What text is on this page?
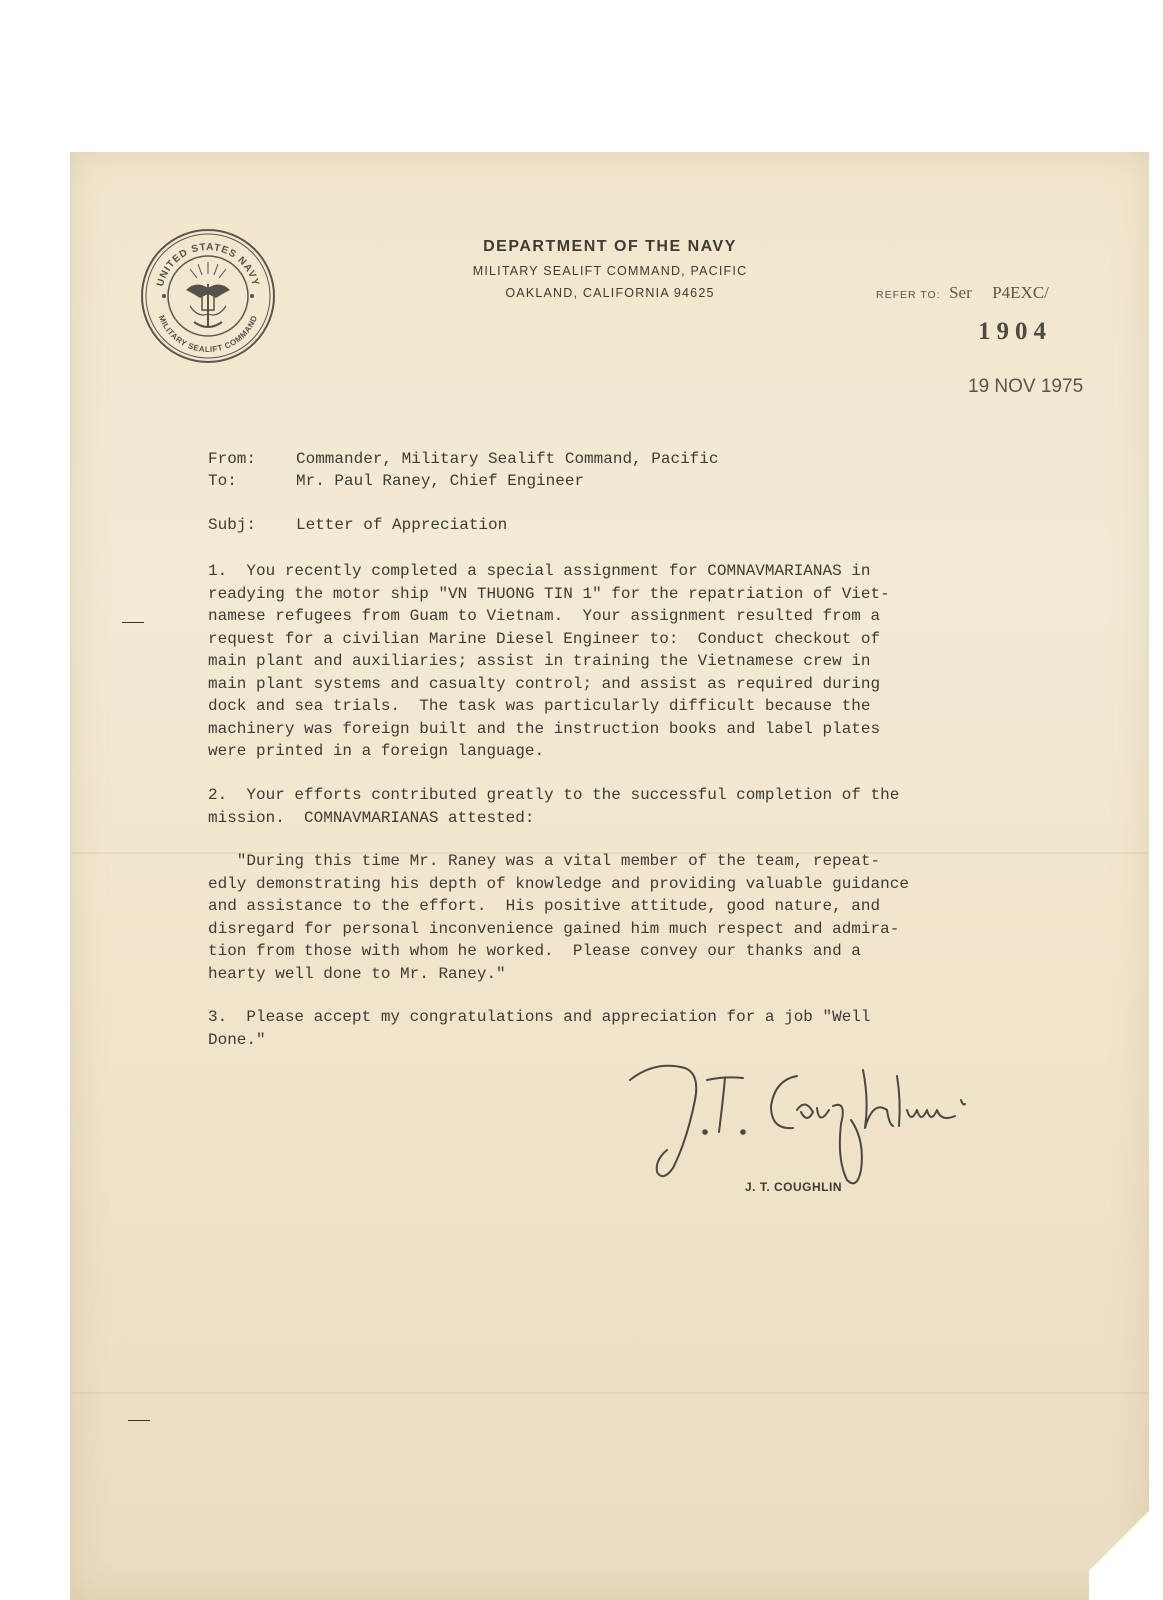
UNITED STATES NAVY
MILITARY SEALIFT COMMAND
DEPARTMENT OF THE NAVY
MILITARY SEALIFT COMMAND, PACIFIC
OAKLAND, CALIFORNIA 94625	REFER TO: Ser P4EXC/
1904
19 NOV 1975
From: Commander, Military Sealift Command, Pacific
To:	Mr. Paul Raney, Chief Engineer
Subj: Letter of Appreciation
1.  You recently completed a special assignment for COMNAVMARIANAS in
readying the motor ship "VN THUONG TIN 1" for the repatriation of Viet-
namese refugees from Guam to Vietnam.  Your assignment resulted from a
request for a civilian Marine Diesel Engineer to:  Conduct checkout of
main plant and auxiliaries; assist in training the Vietnamese crew in
main plant systems and casualty control; and assist as required during
dock and sea trials.  The task was particularly difficult because the
machinery was foreign built and the instruction books and label plates
were printed in a foreign language.
2.  Your efforts contributed greatly to the successful completion of the
mission.  COMNAVMARIANAS attested:
"During this time Mr. Raney was a vital member of the team, repeat-
edly demonstrating his depth of knowledge and providing valuable guidance
and assistance to the effort.  His positive attitude, good nature, and
disregard for personal inconvenience gained him much respect and admira-
tion from those with whom he worked.  Please convey our thanks and a
hearty well done to Mr. Raney."
3.  Please accept my congratulations and appreciation for a job "Well
Done."
J. T. COUGHLIN
